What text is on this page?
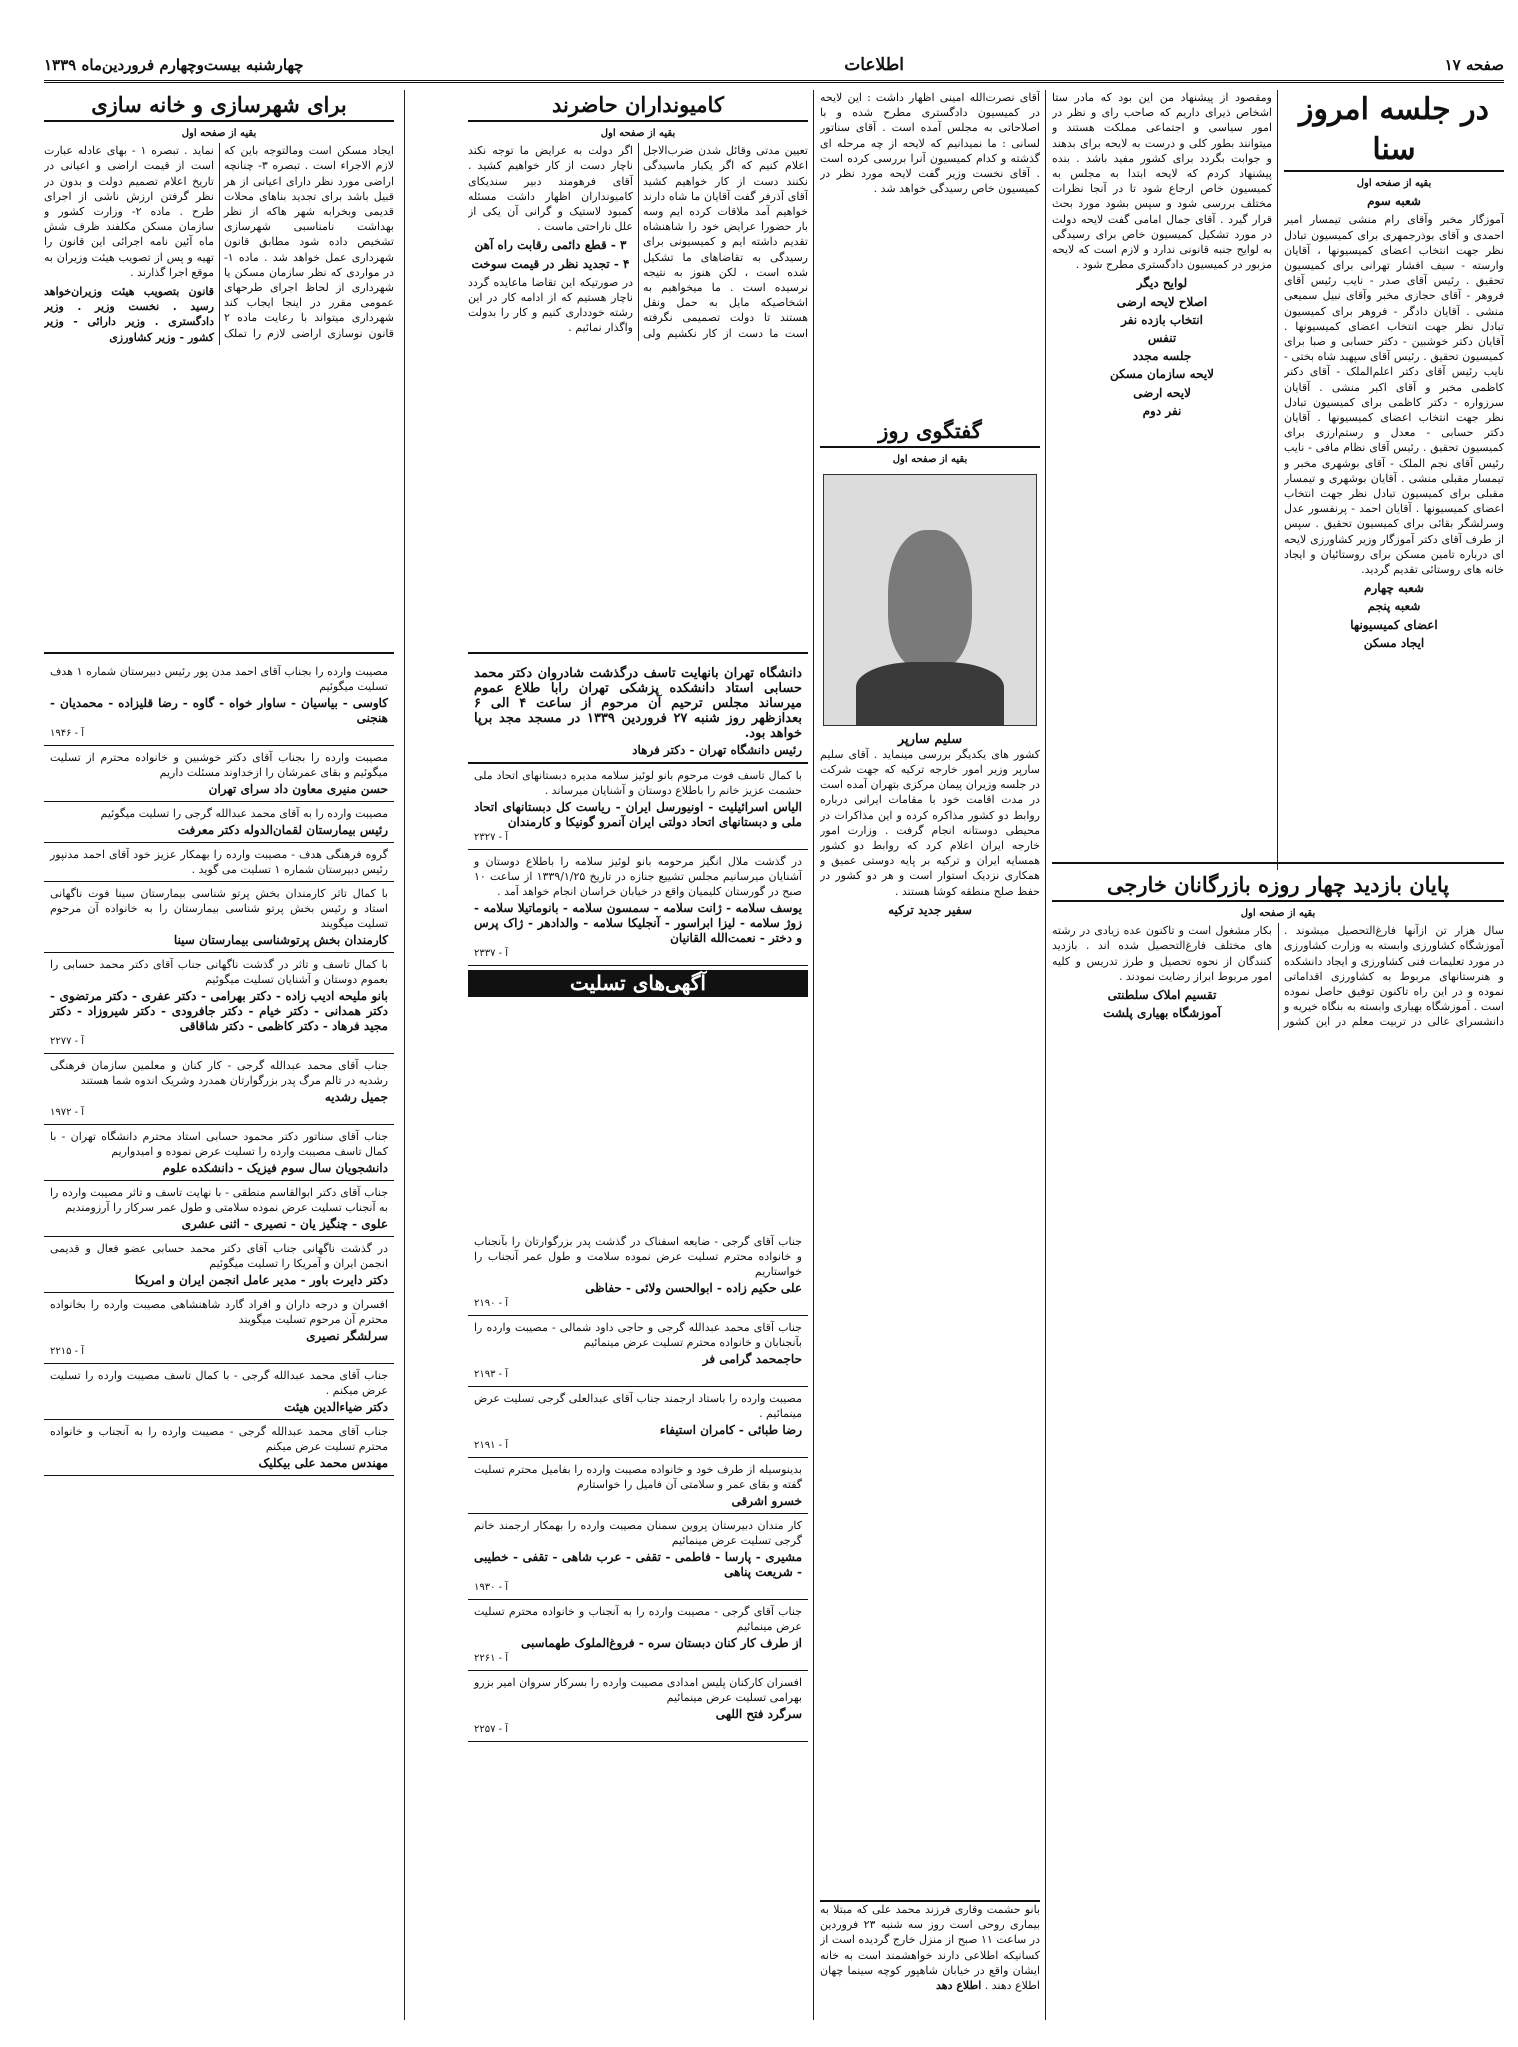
صفحه ۱۷
اطلاعات
چهارشنبه بیست‌وچهارم فروردین‌ماه ۱۳۳۹
در جلسه امروز سنا
بقیه از صفحه اول
شعبه سوم

آموزگار مخبر وآقای رام منشی تیمسار امیر احمدی و آقای بوذرجمهری برای کمیسیون تبادل نظر جهت انتخاب اعضای کمیسیونها ، آقایان وارسته - سیف افشار تهرانی برای کمیسیون تحقیق . رئیس آقای صدر - نایب رئیس آقای فروهر - آقای حجازی مخبر وآقای نبیل سمیعی منشی . آقایان دادگر - فروهر برای کمیسیون تبادل نظر جهت انتخاب اعضای کمیسیونها . آقایان دکتر خوشبین - دکتر حسابی و صبا برای کمیسیون تحقیق . رئیس آقای سپهبد شاه بختی - نایب رئیس آقای دکتر اعلم‌الملک - آقای دکتر کاظمی مخبر و آقای اکبر منشی . آقایان سرزواره - دکتر کاظمی برای کمیسیون تبادل نظر جهت انتخاب اعضای کمیسیونها . آقایان دکتر حسابی - معدل و رستم‌ارزی برای کمیسیون تحقیق . رئیس آقای نظام مافی - نایب رئیس آقای نجم الملک - آقای بوشهری مخبر و تیمسار مقبلی منشی . آقایان بوشهری و تیمسار مقبلی برای کمیسیون تبادل نظر جهت انتخاب اعضای کمیسیونها . آقایان احمد - پرنفسور عدل وسرلشگر بقائی برای کمیسیون تحقیق . سپس از طرف آقای دکتر آموزگار وزیر کشاورزی لایحه ای درباره تامین مسکن برای روستائیان و ایجاد خانه های روستائی تقدیم گردید.

شعبه چهارم
شعبه پنجم
اعضای کمیسیونها
ایجاد مسکن

ومقصود از پیشنهاد من این بود که مادر ستا اشخاص ذیرای داریم که صاحب رای و نظر در امور سیاسی و اجتماعی مملکت هستند و میتوانند بطور کلی و درست به لایحه برای بدهند و جوابت بگردد برای کشور مفید باشد . بنده پیشنهاد کردم که لایحه ابتدا به مجلس به کمیسیون خاص ارجاع شود تا در آنجا نظرات مختلف بررسی شود و سپس بشود مورد بحث قرار گیرد . آقای جمال امامی گفت لایحه دولت در مورد تشکیل کمیسیون خاص برای رسیدگی به لوایح جنبه قانونی ندارد و لازم است که لایحه مزبور در کمیسیون دادگستری مطرح شود .

لوایح دیگر
اصلاح لایحه ارضی
انتخاب بازده نفر
تنفس
جلسه مجدد
لایحه سازمان مسکن
لایحه ارضی
نفر دوم
پایان بازدید چهار روزه بازرگانان خارجی
بقیه از صفحه اول

سال هزار تن ازآنها فارغ‌التحصیل میشوند . آموزشگاه کشاورزی وابسته به وزارت کشاورزی در مورد تعلیمات فنی کشاورزی و ایجاد دانشکده و هنرستانهای مربوط به کشاورزی اقداماتی نموده و در این راه تاکنون توفیق حاصل نموده است . آموزشگاه بهیاری وابسته به بنگاه خیریه و دانشسرای عالی در تربیت معلم در این کشور بکار مشغول است و تاکنون عده زیادی در رشته های مختلف فارغ‌التحصیل شده اند . بازدید کنندگان از نحوه تحصیل و طرز تدریس و کلیه امور مربوط ابراز رضایت نمودند .

تقسیم املاک سلطنتی
آموزشگاه بهیاری پلشت

آقای نصرت‌الله امینی اظهار داشت : این لایحه در کمیسیون دادگستری مطرح شده و با اصلاحاتی به مجلس آمده است . آقای سناتور لسانی : ما نمیدانیم که لایحه از چه مرحله ای گذشته و کدام کمیسیون آنرا بررسی کرده است . آقای نخست وزیر گفت لایحه مورد نظر در کمیسیون خاص رسیدگی خواهد شد .

گفتگوی روز
بقیه از صفحه اول
سلیم سارپر

کشور های یکدیگر بررسی مینماید . آقای سلیم سارپر وزیر امور خارجه ترکیه که جهت شرکت در جلسه وزیران پیمان مرکزی بتهران آمده است در مدت اقامت خود با مقامات ایرانی درباره روابط دو کشور مذاکره کرده و این مذاکرات در محیطی دوستانه انجام گرفت . وزارت امور خارجه ایران اعلام کرد که روابط دو کشور همسایه ایران و ترکیه بر پایه دوستی عمیق و همکاری نزدیک استوار است و هر دو کشور در حفظ صلح منطقه کوشا هستند .

سفیر جدید ترکیه
کامیونداران حاضرند
بقیه از صفحه اول

تعیین مدتی وقائل شدن ضرب‌الاجل اعلام کنیم که اگر یکبار ماسیدگی نکنند دست از کار خواهیم کشید آقای آذرفر گفت آقایان ما شاه دارند خواهیم آمد ملاقات کرده ایم وسه بار حضورا عرایض خود را شاهنشاه تقدیم داشته ایم و کمیسیونی برای رسیدگی به تقاضاهای ما تشکیل شده است ، لکن هنوز به نتیجه نرسیده است . ما میخواهیم به اشخاصیکه مایل به حمل ونقل هستند تا دولت تصمیمی نگرفته است ما دست از کار نکشیم ولی اگر دولت به عرایض ما توجه نکند ناچار دست از کار خواهیم کشید . آقای فرهومند دبیر سندیکای کامیونداران اظهار داشت مسئله کمبود لاستیک و گرانی آن یکی از علل ناراحتی ماست .

۳ - قطع دائمی رقابت راه آهن
۴ - تجدید نظر در قیمت سوخت

در صورتیکه این تقاضا ماعایده گردد ناچار هستیم که از ادامه کار در این رشته خودداری کنیم و کار را بدولت واگذار نمائیم .

برای شهرسازی و خانه سازی
بقیه از صفحه اول

ایجاد مسکن است ومالتوجه باین که لازم الاجراء است . تبصره ۳- چنانچه اراضی مورد نظر دارای اعیانی از هر قبیل باشد برای تجدید بناهای محلات قدیمی وبخرابه شهر هاکه از نظر بهداشت نامناسبی شهرسازی تشخیص داده شود مطابق قانون شهرداری عمل خواهد شد . ماده ۱- در مواردی که نظر سازمان مسکن یا شهرداری از لحاظ اجرای طرحهای عمومی مقرر در اینجا ایجاب کند شهرداری میتواند با رعایت ماده ۲ قانون نوسازی اراضی لازم را تملک نماید . تبصره ۱ - بهای عادله عبارت است از قیمت اراضی و اعیانی در تاریخ اعلام تصمیم دولت و بدون در نظر گرفتن ارزش ناشی از اجرای طرح . ماده ۲- وزارت کشور و سازمان مسکن مکلفند ظرف شش ماه آئین نامه اجرائی این قانون را تهیه و پس از تصویب هیئت وزیران به موقع اجرا گذارند .

قانون بتصویب هیئت وزیران‌خواهد رسید . نخست وزیر . وزیر دادگستری . وزیر دارائی - وزیر کشور - وزیر کشاورزی

دانشگاه تهران بانهایت تاسف درگذشت شادروان دکتر محمد حسابی استاد دانشکده پزشکی تهران رابا طلاع عموم میرساند مجلس ترحیم آن مرحوم از ساعت ۴ الی ۶ بعدازظهر روز شنبه ۲۷ فروردین ۱۳۳۹ در مسجد مجد برپا خواهد بود.
رئیس دانشگاه تهران - دکتر فرهاد
با کمال تاسف فوت مرحوم بانو لوئیز سلامه مدیره دبستانهای اتحاد ملی حشمت عزیز خانم را باطلاع دوستان و آشنایان میرساند .
الیاس اسرائیلیت - اونیورسل ایران - ریاست کل دبستانهای اتحاد ملی و دبستانهای اتحاد دولتی ایران آنمرو گونیکا و کارمندان
آ - ۲۳۲۷
در گذشت ملال انگیز مرحومه بانو لوئیز سلامه را باطلاع دوستان و آشنایان میرسانیم مجلس تشییع جنازه در تاریخ ۱۳۳۹/۱/۲۵ از ساعت ۱۰ صبح در گورستان کلیمیان واقع در خیابان خراسان انجام خواهد آمد .
یوسف سلامه - ژانت سلامه - سمسون سلامه - بانوماتیلا سلامه - زوژ سلامه - لیزا ابراسور - آنجلیکا سلامه - والدادهر - ژاک پرس و دختر - نعمت‌الله القانیان
آ - ۲۳۳۷
آگهی‌های تسلیت
جناب آقای گرجی - ضایعه اسفناک در گذشت پدر بزرگوارتان را بآنجناب و خانواده محترم تسلیت عرض نموده سلامت و طول عمر آنجناب را خواستاریم
علی حکیم زاده - ابوالحسن ولائی - حفاظی
آ - ۲۱۹۰
جناب آقای محمد عبدالله گرجی و حاجی داود شمالی - مصیبت وارده را بآنجنابان و خانواده محترم تسلیت عرض مینمائیم
حاجمحمد گرامی فر
آ - ۲۱۹۳
مصیبت وارده را باستاد ارجمند جناب آقای عبدالعلی گرجی تسلیت عرض مینمائیم .
رضا طبائی - کامران استیفاء
آ - ۲۱۹۱
بدینوسیله از طرف خود و خانواده مصیبت وارده را بفامیل محترم تسلیت گفته و بقای عمر و سلامتی آن فامیل را خواستارم
خسرو اشرقی
کار مندان دبیرستان پروین سمنان مصیبت وارده را بهمکار ارجمند خانم گرجی تسلیت عرض مینمائیم
مشیری - پارسا - فاطمی - تقفی - عرب شاهی - تقفی - خطیبی - شریعت پناهی
آ - ۱۹۳۰
جناب آقای گرجی - مصیبت وارده را به آنجناب و خانواده محترم تسلیت عرض مینمائیم
از طرف کار کنان دبستان سره - فروغ‌الملوک طهماسبی
آ - ۲۲۶۱
افسران کارکنان پلیس امدادی مصیبت وارده را بسرکار سروان امیر بزرو بهرامی تسلیت عرض مینمائیم
سرگرد فتح اللهی
آ - ۲۲۵۷
مصیبت وارده را بجناب آقای احمد مدن پور رئیس دبیرستان شماره ۱ هدف تسلیت میگوئیم
کاوسی - بیاسیان - ساوار خواه - گاوه - رضا قلیزاده - محمدیان - هنجنی
آ - ۱۹۴۶
مصیبت وارده را بجناب آقای دکتر خوشبین و خانواده محترم از تسلیت میگوئیم و بقای عمرشان را ازخداوند مسئلت داریم
حسن منیری معاون داد سرای تهران
مصیبت وارده را به آقای محمد عبدالله گرجی را تسلیت میگوئیم
رئیس بیمارستان لقمان‌الدوله دکتر معرفت
گروه فرهنگی هدف - مصیبت وارده را بهمکار عزیز خود آقای احمد مدنپور رئیس دبیرستان شماره ۱ تسلیت می گوید .
با کمال تاثر کارمندان بخش پرتو شناسی بیمارستان سینا فوت ناگهانی استاد و رئیس بخش پرتو شناسی بیمارستان را به خانواده آن مرحوم تسلیت میگویند
کارمندان بخش پرتوشناسی بیمارستان سینا
با کمال تاسف و تاثر در گذشت ناگهانی جناب آقای دکتر محمد حسابی را بعموم دوستان و آشنایان تسلیت میگوئیم
بانو ملیحه ادیب زاده - دکتر بهرامی - دکتر عفری - دکتر مرتضوی - دکتر همدانی - دکتر خیام - دکتر جافرودی - دکتر شیروزاد - دکتر مجید فرهاد - دکتر کاظمی - دکتر شاقاقی
آ - ۲۲۷۷
جناب آقای محمد عبدالله گرجی - کار کنان و معلمین سازمان فرهنگی رشدیه در تالم مرگ پدر بزرگوارتان همدرد وشریک اندوه شما هستند
جمیل رشدیه
آ - ۱۹۷۲
جناب آقای سناتور دکتر محمود حسابی استاد محترم دانشگاه تهران - با کمال تاسف مصیبت وارده را تسلیت عرض نموده و امیدواریم
دانشجویان سال سوم فیزیک - دانشکده علوم
جناب آقای دکتر ابوالقاسم منطقی - با نهایت تاسف و تاثر مصیبت وارده را به آنجناب تسلیت عرض نموده سلامتی و طول عمر سرکار را آرزومندیم
علوی - چنگیز یان - نصیری - اثنی عشری
در گذشت ناگهانی جناب آقای دکتر محمد حسابی عضو فعال و قدیمی انجمن ایران و آمریکا را تسلیت میگوئیم
دکتر دایرت باور - مدیر عامل انجمن ایران و امریکا
افسران و درجه داران و افراد گارد شاهنشاهی مصیبت وارده را بخانواده محترم آن مرحوم تسلیت میگویند
سرلشگر نصیری
آ - ۲۲۱۵
جناب آقای محمد عبدالله گرجی - با کمال تاسف مصیبت وارده را تسلیت عرض میکنم .
دکتر ضیاءالدین هیئت
جناب آقای محمد عبدالله گرجی - مصیبت وارده را به آنجناب و خانواده محترم تسلیت عرض میکنم
مهندس محمد علی بیکلیک
بانو حشمت وقاری فرزند محمد علی که مبتلا به بیماری روحی است روز سه شنبه ۲۳ فروردین در ساعت ۱۱ صبح از منزل خارج گردیده است از کسانیکه اطلاعی دارند خواهشمند است به خانه ایشان واقع در خیابان شاهپور کوچه سینما چهان اطلاع دهند . اطلاع دهد
